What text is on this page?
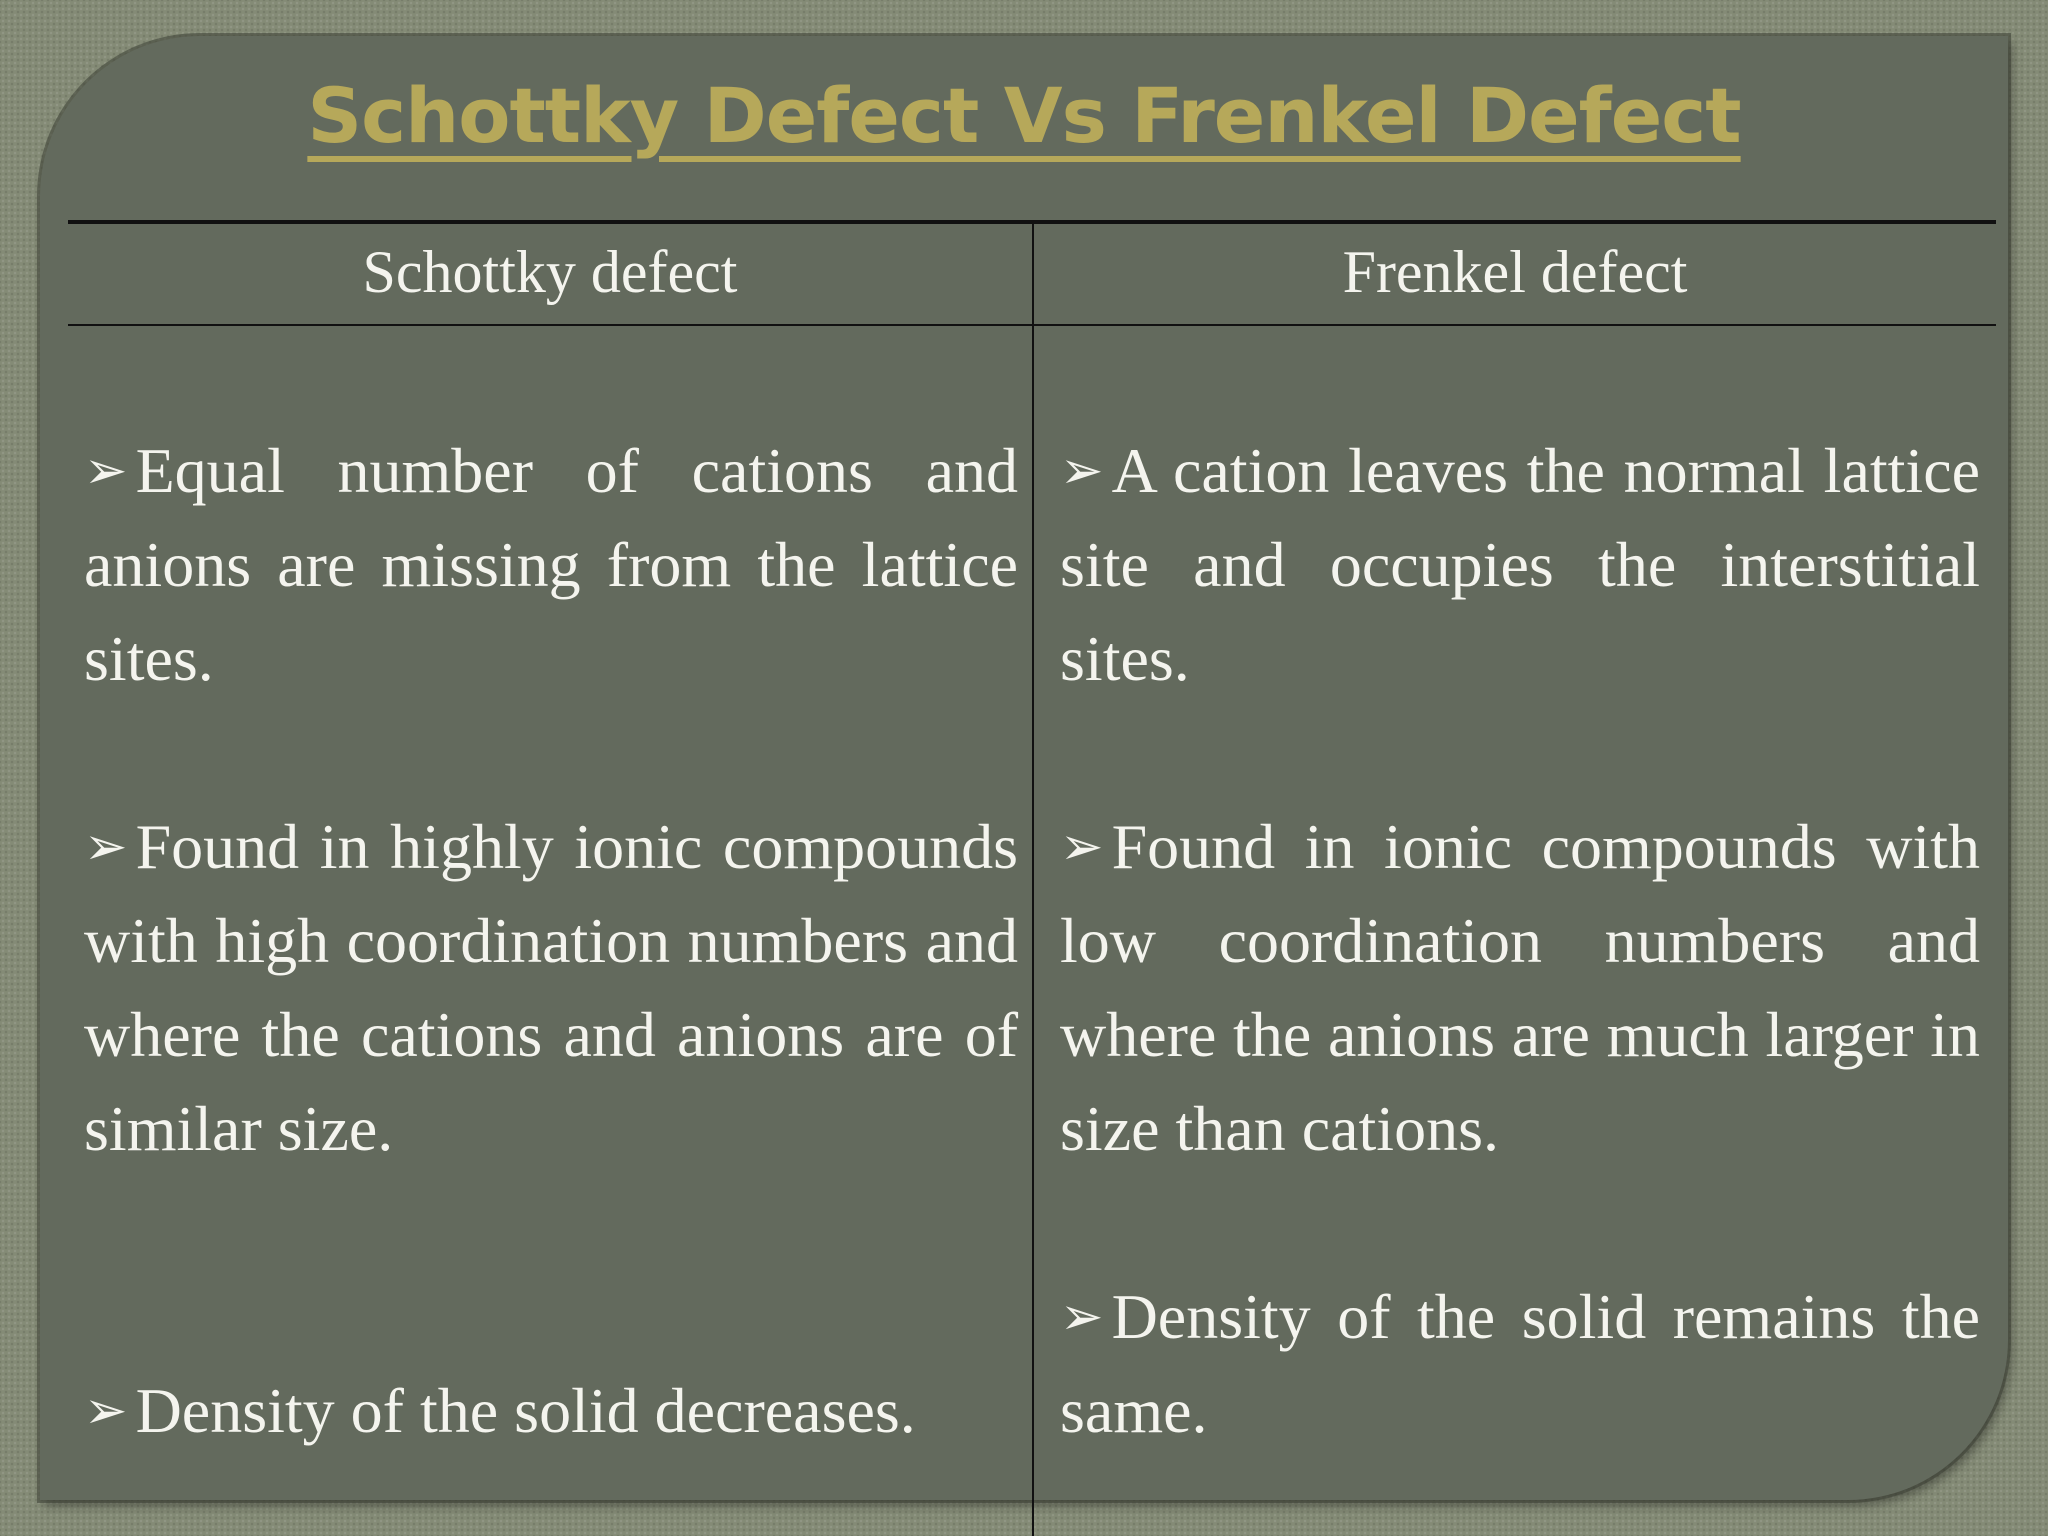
Schottky Defect Vs Frenkel Defect
Schottky defect	Frenkel defect

➢ Equal number of cations and anions are missing from the lattice sites.

➢ A cation leaves the normal lattice site and occupies the interstitial sites.

➢ Found in highly ionic compounds with high coordination numbers and where the cations and anions are of similar size.

➢ Found in ionic compounds with low coordination numbers and where the anions are much larger in size than cations.

➢ Density of the solid decreases.

➢ Density of the solid remains the same.
